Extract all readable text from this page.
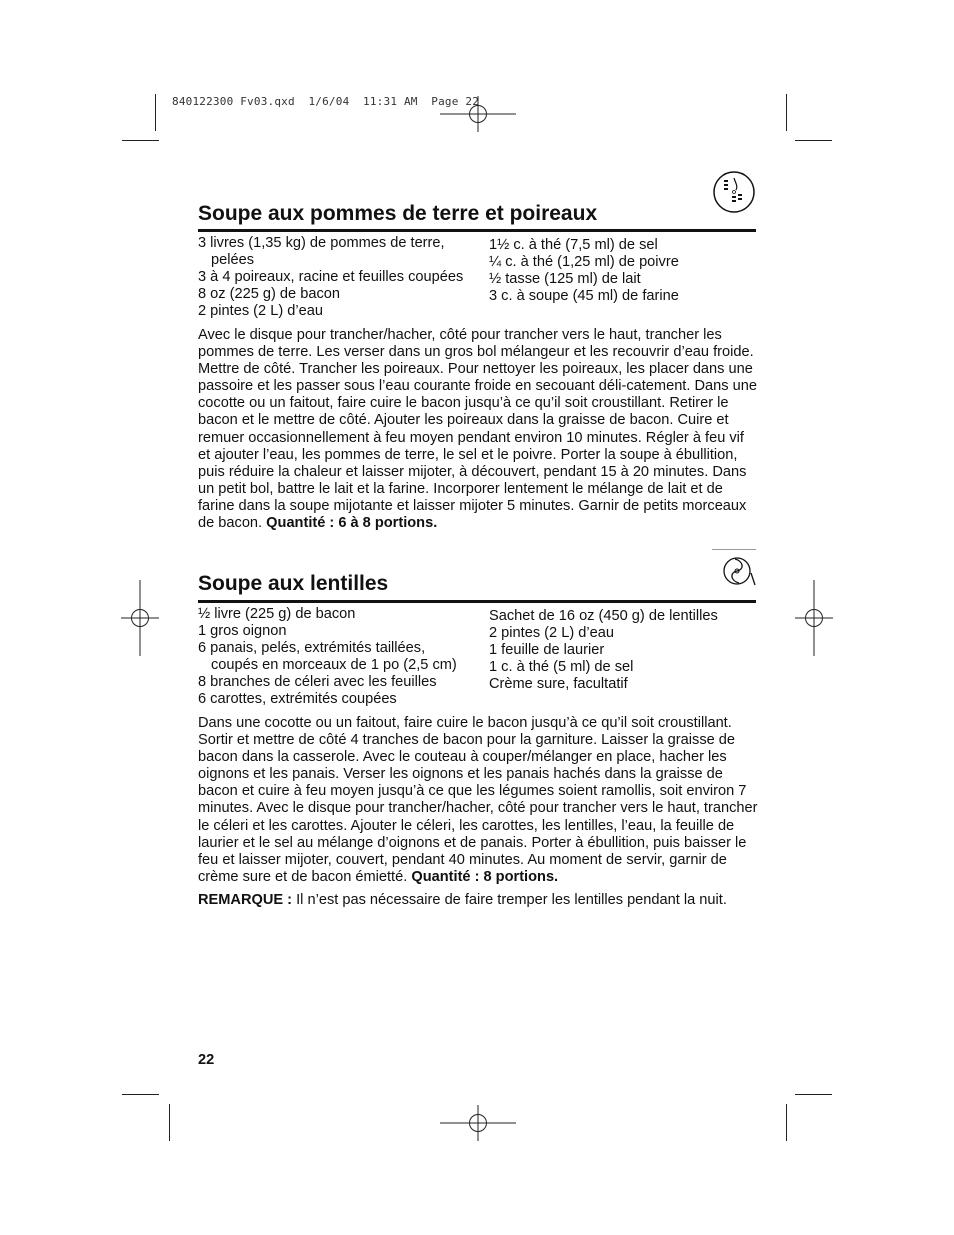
840122300 Fv03.qxd  1/6/04  11:31 AM  Page 22
Soupe aux pommes de terre et poireaux
3 livres (1,35 kg) de pommes de terre,
pelées
3 à 4 poireaux, racine et feuilles coupées
8 oz (225 g) de bacon
2 pintes (2 L) d’eau
1½ c. à thé (7,5 ml) de sel
¼ c. à thé (1,25 ml) de poivre
½ tasse (125 ml) de lait
3 c. à soupe (45 ml) de farine

Avec le disque pour trancher/hacher, côté pour trancher vers le haut, trancher les pommes de terre. Les verser dans un gros bol mélangeur et les recouvrir d’eau froide. Mettre de côté. Trancher les poireaux. Pour nettoyer les poireaux, les placer dans une passoire et les passer sous l’eau courante froide en secouant déli-catement. Dans une cocotte ou un faitout, faire cuire le bacon jusqu’à ce qu’il soit croustillant. Retirer le bacon et le mettre de côté. Ajouter les poireaux dans la graisse de bacon. Cuire et remuer occasionnellement à feu moyen pendant environ 10 minutes. Régler à feu vif et ajouter l’eau, les pommes de terre, le sel et le poivre. Porter la soupe à ébullition, puis réduire la chaleur et laisser mijoter, à découvert, pendant 15 à 20 minutes. Dans un petit bol, battre le lait et la farine. Incorporer lentement le mélange de lait et de farine dans la soupe mijotante et laisser mijoter 5 minutes. Garnir de petits morceaux de bacon. Quantité : 6 à 8 portions.

Soupe aux lentilles
½ livre (225 g) de bacon
1 gros oignon
6 panais, pelés, extrémités taillées,
coupés en morceaux de 1 po (2,5 cm)
8 branches de céleri avec les feuilles
6 carottes, extrémités coupées
Sachet de 16 oz (450 g) de lentilles
2 pintes (2 L) d’eau
1 feuille de laurier
1 c. à thé (5 ml) de sel
Crème sure, facultatif

Dans une cocotte ou un faitout, faire cuire le bacon jusqu’à ce qu’il soit croustillant. Sortir et mettre de côté 4 tranches de bacon pour la garniture. Laisser la graisse de bacon dans la casserole. Avec le couteau à couper/mélanger en place, hacher les oignons et les panais. Verser les oignons et les panais hachés dans la graisse de bacon et cuire à feu moyen jusqu’à ce que les légumes soient ramollis, soit environ 7 minutes. Avec le disque pour trancher/hacher, côté pour trancher vers le haut, trancher le céleri et les carottes. Ajouter le céleri, les carottes, les lentilles, l’eau, la feuille de laurier et le sel au mélange d’oignons et de panais. Porter à ébullition, puis baisser le feu et laisser mijoter, couvert, pendant 40 minutes. Au moment de servir, garnir de crème sure et de bacon émietté. Quantité : 8 portions.

REMARQUE : Il n’est pas nécessaire de faire tremper les lentilles pendant la nuit.

22
